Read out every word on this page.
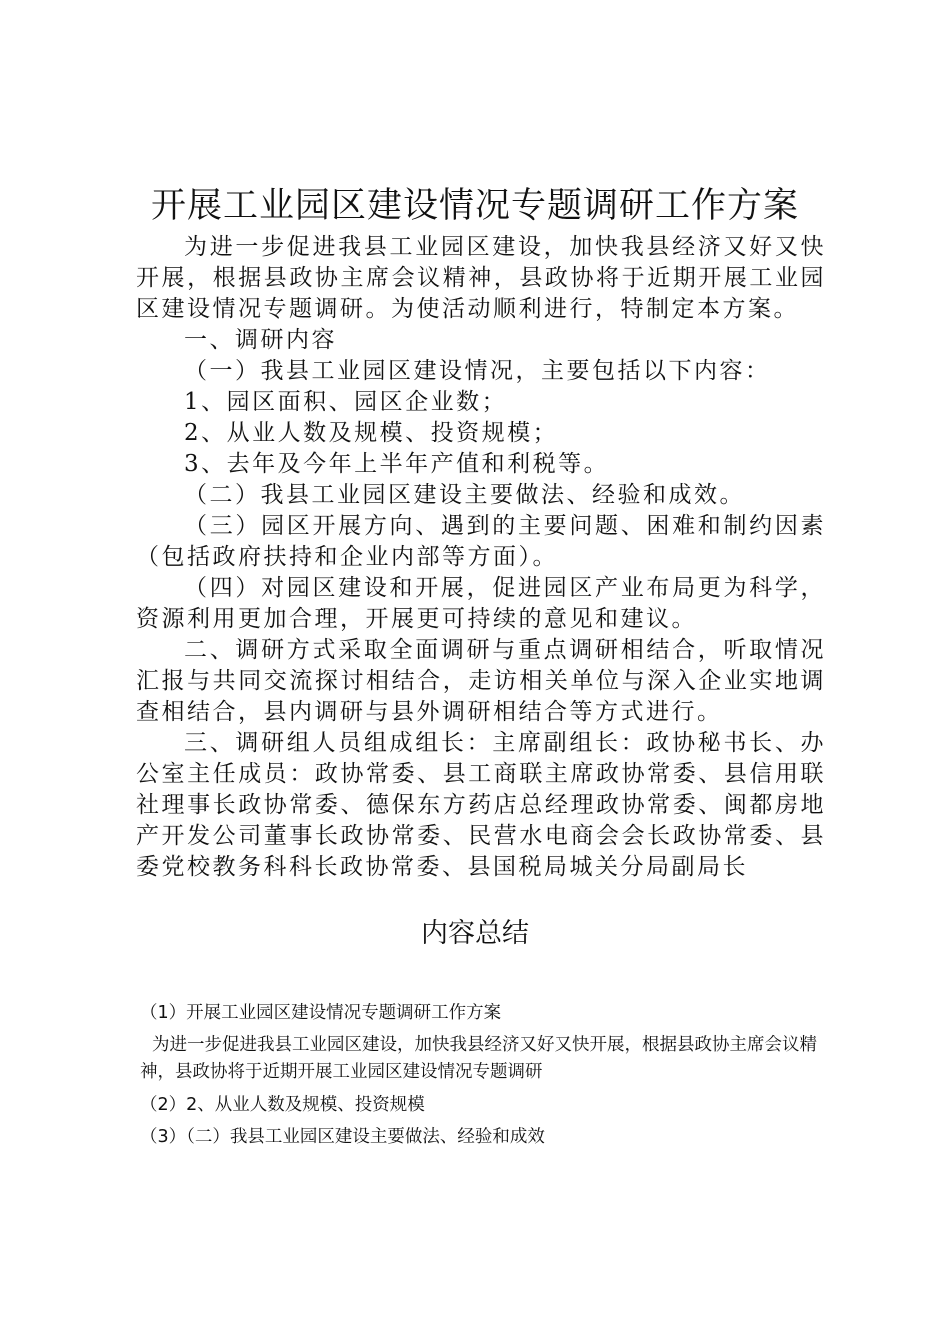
开展工业园区建设情况专题调研工作方案

为进一步促进我县工业园区建设，加快我县经济又好又快开展，根据县政协主席会议精神，县政协将于近期开展工业园区建设情况专题调研。为使活动顺利进行，特制定本方案。

一、调研内容

（一）我县工业园区建设情况，主要包括以下内容：

1、园区面积、园区企业数；

2、从业人数及规模、投资规模；

3、去年及今年上半年产值和利税等。

（二）我县工业园区建设主要做法、经验和成效。

（三）园区开展方向、遇到的主要问题、困难和制约因素（包括政府扶持和企业内部等方面）。

（四）对园区建设和开展，促进园区产业布局更为科学，资源利用更加合理，开展更可持续的意见和建议。

二、调研方式采取全面调研与重点调研相结合，听取情况汇报与共同交流探讨相结合，走访相关单位与深入企业实地调查相结合，县内调研与县外调研相结合等方式进行。

三、调研组人员组成组长：主席副组长：政协秘书长、办公室主任成员：政协常委、县工商联主席政协常委、县信用联社理事长政协常委、德保东方药店总经理政协常委、闽都房地产开发公司董事长政协常委、民营水电商会会长政协常委、县委党校教务科科长政协常委、县国税局城关分局副局长

内容总结

（1）开展工业园区建设情况专题调研工作方案

为进一步促进我县工业园区建设，加快我县经济又好又快开展，根据县政协主席会议精神，县政协将于近期开展工业园区建设情况专题调研

（2）2、从业人数及规模、投资规模

（3）（二）我县工业园区建设主要做法、经验和成效
